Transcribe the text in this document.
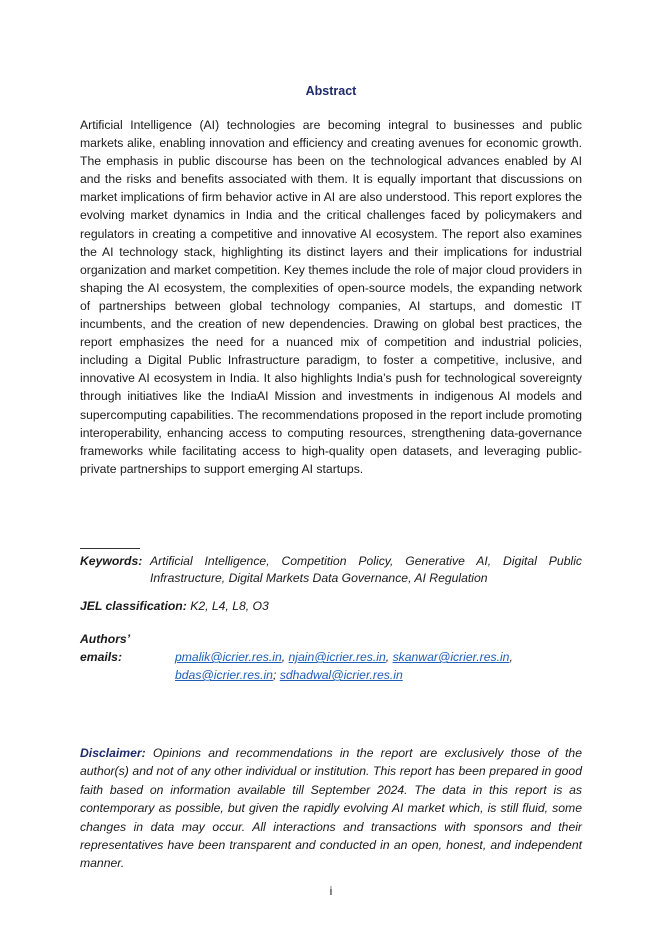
Abstract
Artificial Intelligence (AI) technologies are becoming integral to businesses and public markets alike, enabling innovation and efficiency and creating avenues for economic growth. The emphasis in public discourse has been on the technological advances enabled by AI and the risks and benefits associated with them. It is equally important that discussions on market implications of firm behavior active in AI are also understood. This report explores the evolving market dynamics in India and the critical challenges faced by policymakers and regulators in creating a competitive and innovative AI ecosystem. The report also examines the AI technology stack, highlighting its distinct layers and their implications for industrial organization and market competition. Key themes include the role of major cloud providers in shaping the AI ecosystem, the complexities of open-source models, the expanding network of partnerships between global technology companies, AI startups, and domestic IT incumbents, and the creation of new dependencies. Drawing on global best practices, the report emphasizes the need for a nuanced mix of competition and industrial policies, including a Digital Public Infrastructure paradigm, to foster a competitive, inclusive, and innovative AI ecosystem in India. It also highlights India’s push for technological sovereignty through initiatives like the IndiaAI Mission and investments in indigenous AI models and supercomputing capabilities. The recommendations proposed in the report include promoting interoperability, enhancing access to computing resources, strengthening data-governance frameworks while facilitating access to high-quality open datasets, and leveraging public-private partnerships to support emerging AI startups.
Keywords: Artificial Intelligence, Competition Policy, Generative AI, Digital Public Infrastructure, Digital Markets Data Governance, AI Regulation
JEL classification: K2, L4, L8, O3
Authors’ emails:	pmalik@icrier.res.in, njain@icrier.res.in, skanwar@icrier.res.in,
bdas@icrier.res.in; sdhadwal@icrier.res.in
Disclaimer: Opinions and recommendations in the report are exclusively those of the author(s) and not of any other individual or institution. This report has been prepared in good faith based on information available till September 2024. The data in this report is as contemporary as possible, but given the rapidly evolving AI market which, is still fluid, some changes in data may occur. All interactions and transactions with sponsors and their representatives have been transparent and conducted in an open, honest, and independent manner.
i
